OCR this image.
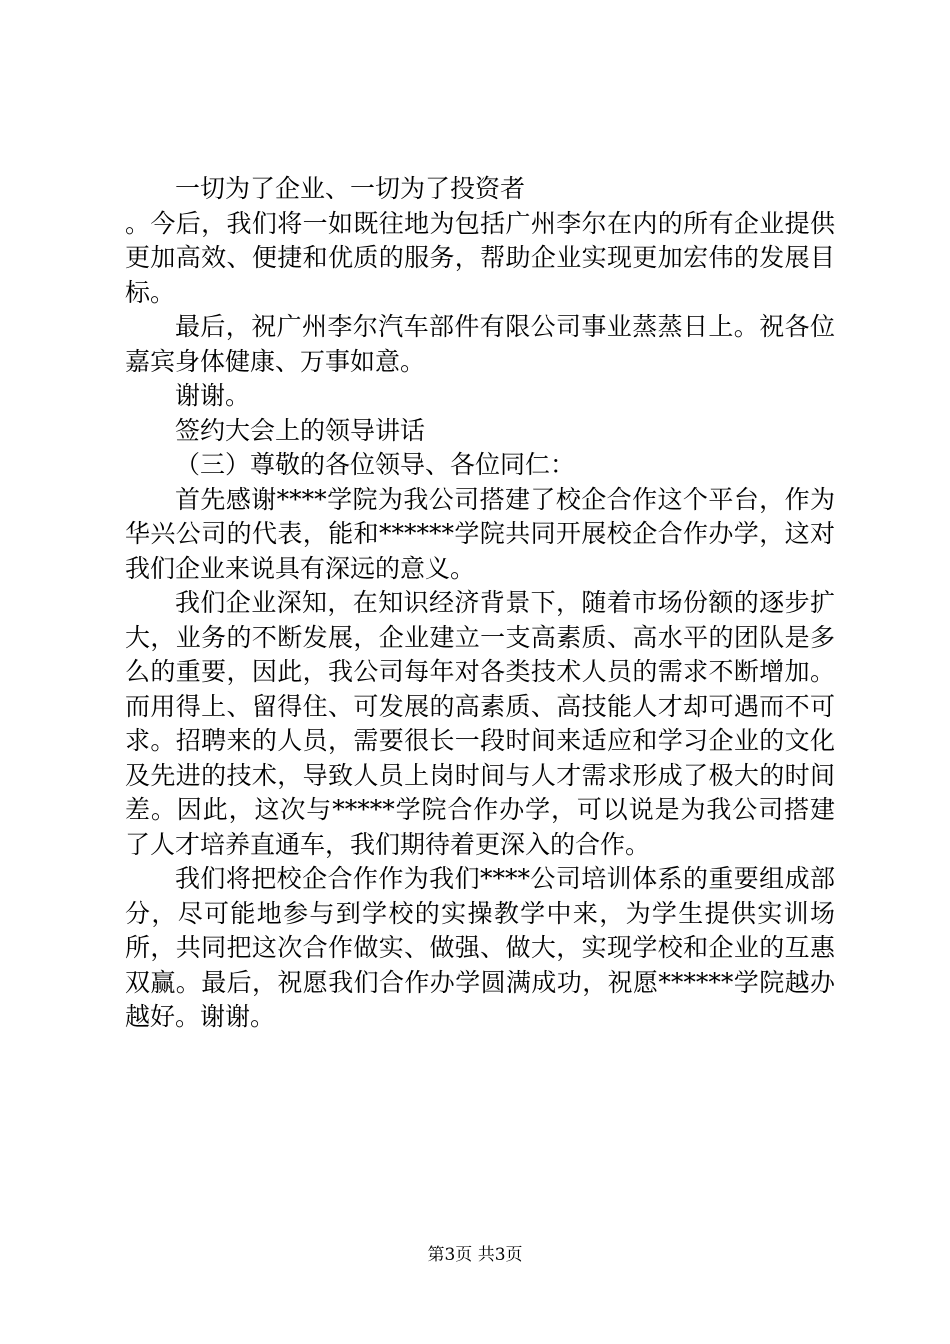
一切为了企业、一切为了投资者

。今后，我们将一如既往地为包括广州李尔在内的所有企业提供更加高效、便捷和优质的服务，帮助企业实现更加宏伟的发展目标。

最后，祝广州李尔汽车部件有限公司事业蒸蒸日上。祝各位嘉宾身体健康、万事如意。

谢谢。

签约大会上的领导讲话

（三）尊敬的各位领导、各位同仁：

首先感谢****学院为我公司搭建了校企合作这个平台，作为华兴公司的代表，能和******学院共同开展校企合作办学，这对我们企业来说具有深远的意义。

我们企业深知，在知识经济背景下，随着市场份额的逐步扩大，业务的不断发展，企业建立一支高素质、高水平的团队是多么的重要，因此，我公司每年对各类技术人员的需求不断增加。而用得上、留得住、可发展的高素质、高技能人才却可遇而不可求。招聘来的人员，需要很长一段时间来适应和学习企业的文化及先进的技术，导致人员上岗时间与人才需求形成了极大的时间差。因此，这次与*****学院合作办学，可以说是为我公司搭建了人才培养直通车，我们期待着更深入的合作。

我们将把校企合作作为我们****公司培训体系的重要组成部分，尽可能地参与到学校的实操教学中来，为学生提供实训场所，共同把这次合作做实、做强、做大，实现学校和企业的互惠双赢。最后，祝愿我们合作办学圆满成功，祝愿******学院越办越好。谢谢。

第3页 共3页
